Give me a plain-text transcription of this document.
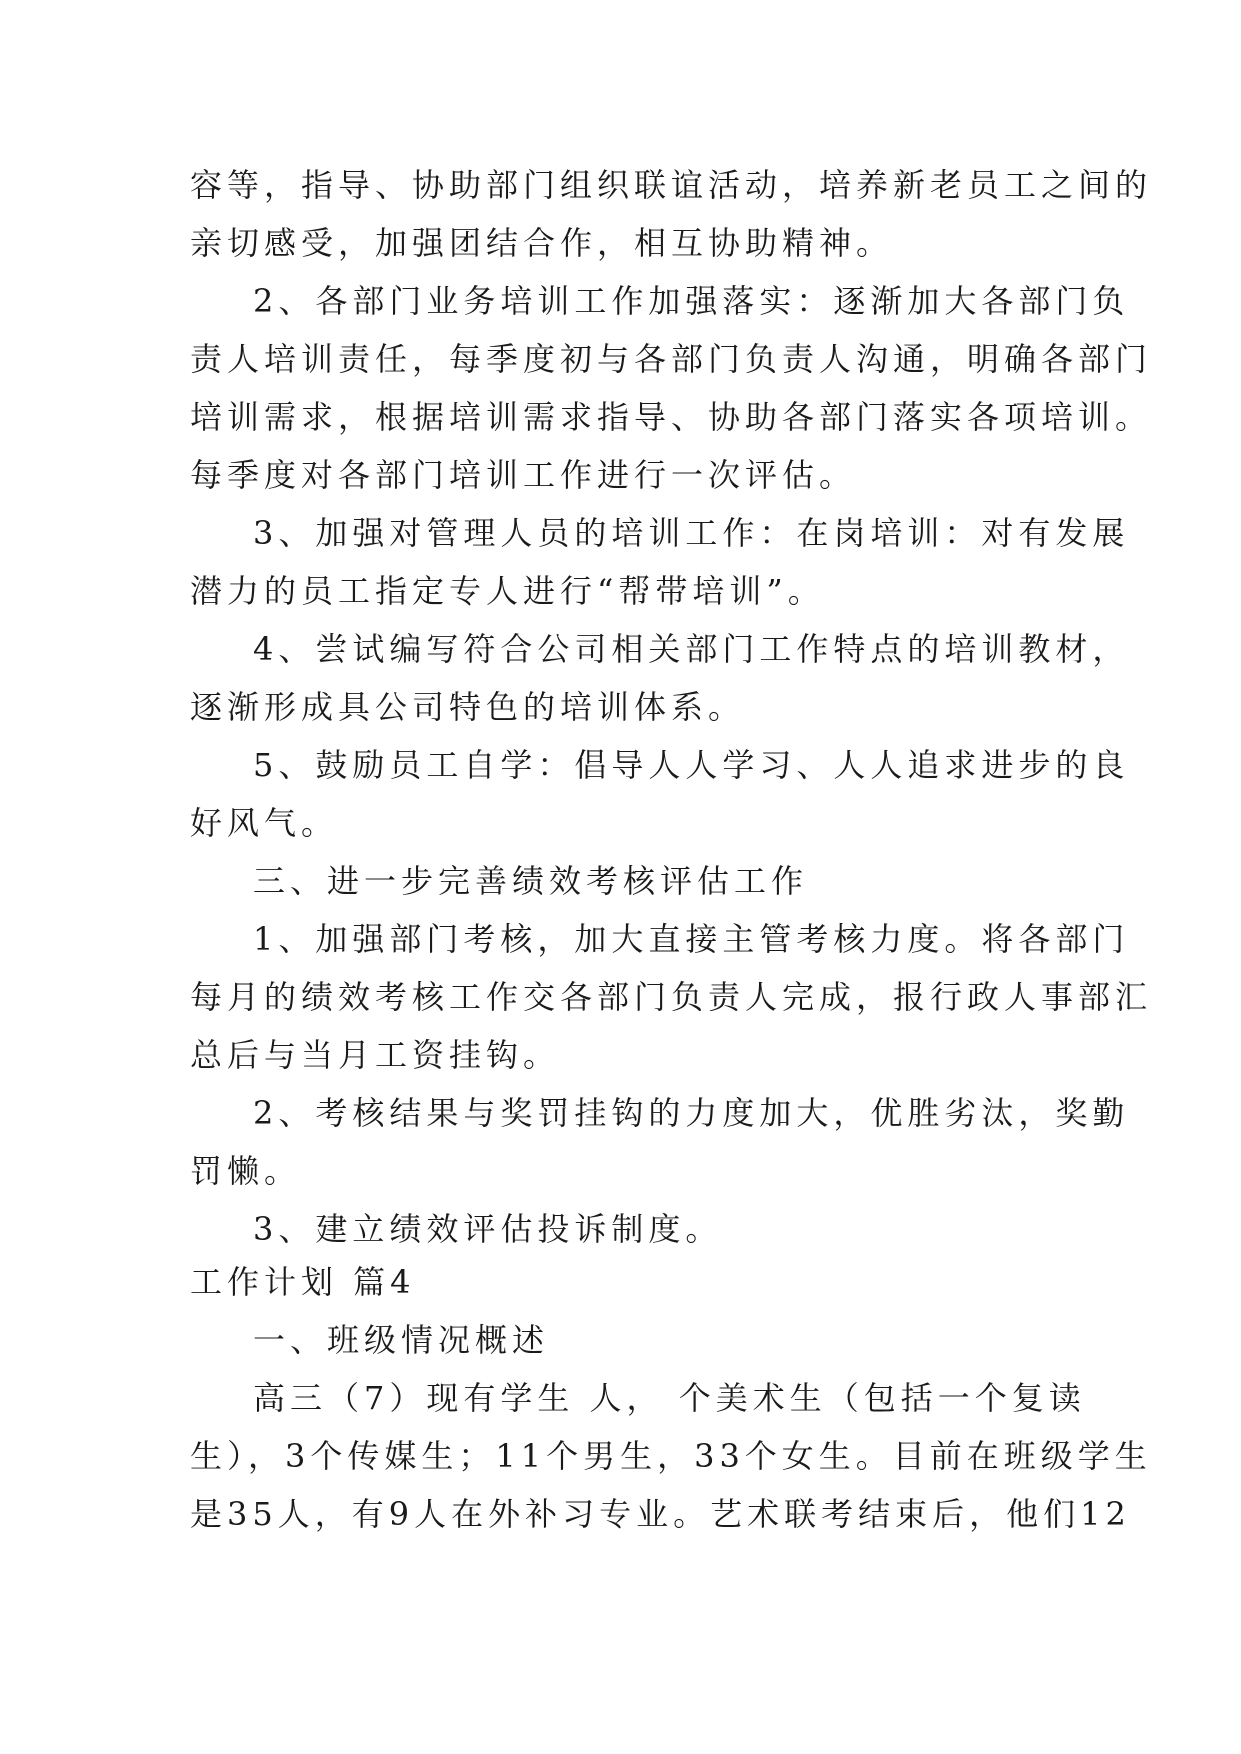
容等，指导、协助部门组织联谊活动，培养新老员工之间的
亲切感受，加强团结合作，相互协助精神。
2、各部门业务培训工作加强落实：逐渐加大各部门负
责人培训责任，每季度初与各部门负责人沟通，明确各部门
培训需求，根据培训需求指导、协助各部门落实各项培训。
每季度对各部门培训工作进行一次评估。
3、加强对管理人员的培训工作：在岗培训：对有发展
潜力的员工指定专人进行“帮带培训”。
4、尝试编写符合公司相关部门工作特点的培训教材，
逐渐形成具公司特色的培训体系。
5、鼓励员工自学：倡导人人学习、人人追求进步的良
好风气。
三、进一步完善绩效考核评估工作
1、加强部门考核，加大直接主管考核力度。将各部门
每月的绩效考核工作交各部门负责人完成，报行政人事部汇
总后与当月工资挂钩。
2、考核结果与奖罚挂钩的力度加大，优胜劣汰，奖勤
罚懒。
3、建立绩效评估投诉制度。
工作计划 篇4
一、班级情况概述
高三（7）现有学生 人， 个美术生（包括一个复读
生），3个传媒生；11个男生，33个女生。目前在班级学生
是35人，有9人在外补习专业。艺术联考结束后，他们12
